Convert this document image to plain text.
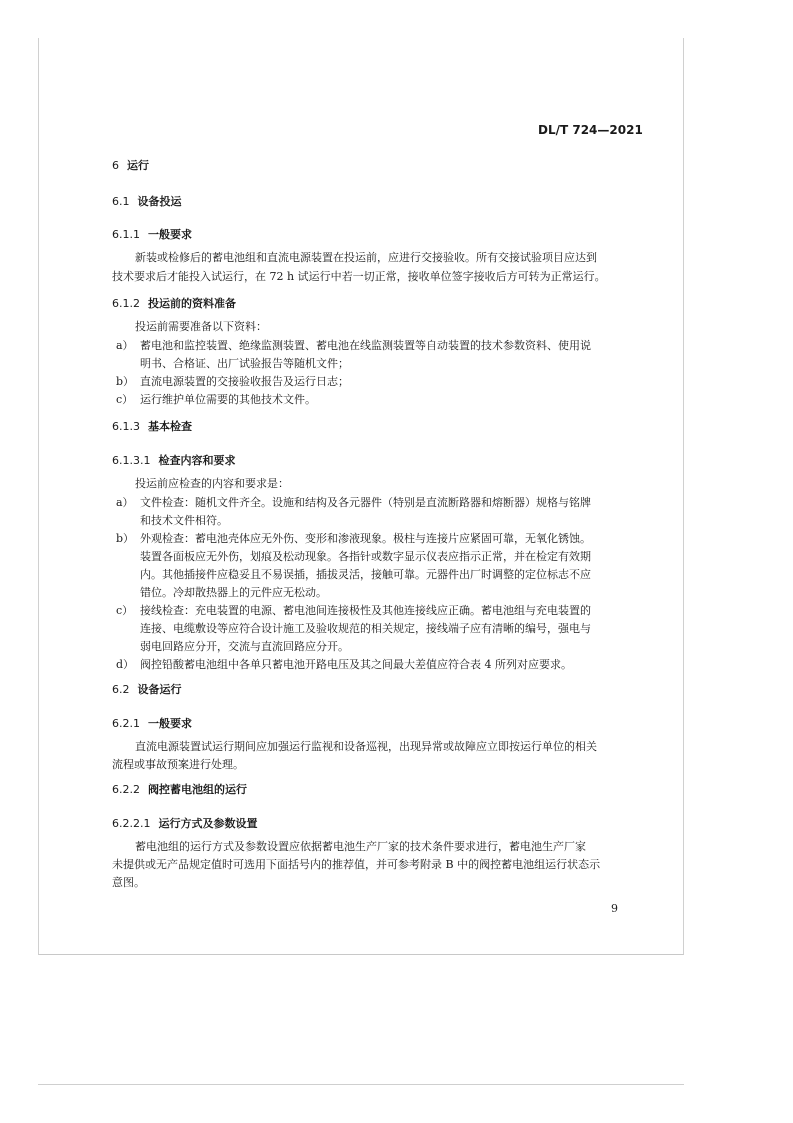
DL/T 724—2021
6 运行
6.1 设备投运
6.1.1 一般要求
新装或检修后的蓄电池组和直流电源装置在投运前，应进行交接验收。所有交接试验项目应达到
技术要求后才能投入试运行，在 72 h 试运行中若一切正常，接收单位签字接收后方可转为正常运行。
6.1.2 投运前的资料准备
投运前需要准备以下资料：
a） 蓄电池和监控装置、绝缘监测装置、蓄电池在线监测装置等自动装置的技术参数资料、使用说
明书、合格证、出厂试验报告等随机文件；
b） 直流电源装置的交接验收报告及运行日志；
c） 运行维护单位需要的其他技术文件。
6.1.3 基本检查
6.1.3.1 检查内容和要求
投运前应检查的内容和要求是：
a） 文件检查：随机文件齐全。设施和结构及各元器件（特别是直流断路器和熔断器）规格与铭牌
和技术文件相符。
b） 外观检查：蓄电池壳体应无外伤、变形和渗液现象。极柱与连接片应紧固可靠，无氧化锈蚀。
装置各面板应无外伤，划痕及松动现象。各指针或数字显示仪表应指示正常，并在检定有效期
内。其他插接件应稳妥且不易误插，插拔灵活，接触可靠。元器件出厂时调整的定位标志不应
错位。冷却散热器上的元件应无松动。
c） 接线检查：充电装置的电源、蓄电池间连接极性及其他连接线应正确。蓄电池组与充电装置的
连接、电缆敷设等应符合设计施工及验收规范的相关规定，接线端子应有清晰的编号，强电与
弱电回路应分开，交流与直流回路应分开。
d） 阀控铅酸蓄电池组中各单只蓄电池开路电压及其之间最大差值应符合表 4 所列对应要求。
6.2 设备运行
6.2.1 一般要求
直流电源装置试运行期间应加强运行监视和设备巡视，出现异常或故障应立即按运行单位的相关
流程或事故预案进行处理。
6.2.2 阀控蓄电池组的运行
6.2.2.1 运行方式及参数设置
蓄电池组的运行方式及参数设置应依据蓄电池生产厂家的技术条件要求进行，蓄电池生产厂家
未提供或无产品规定值时可选用下面括号内的推荐值，并可参考附录 B 中的阀控蓄电池组运行状态示
意图。
9
